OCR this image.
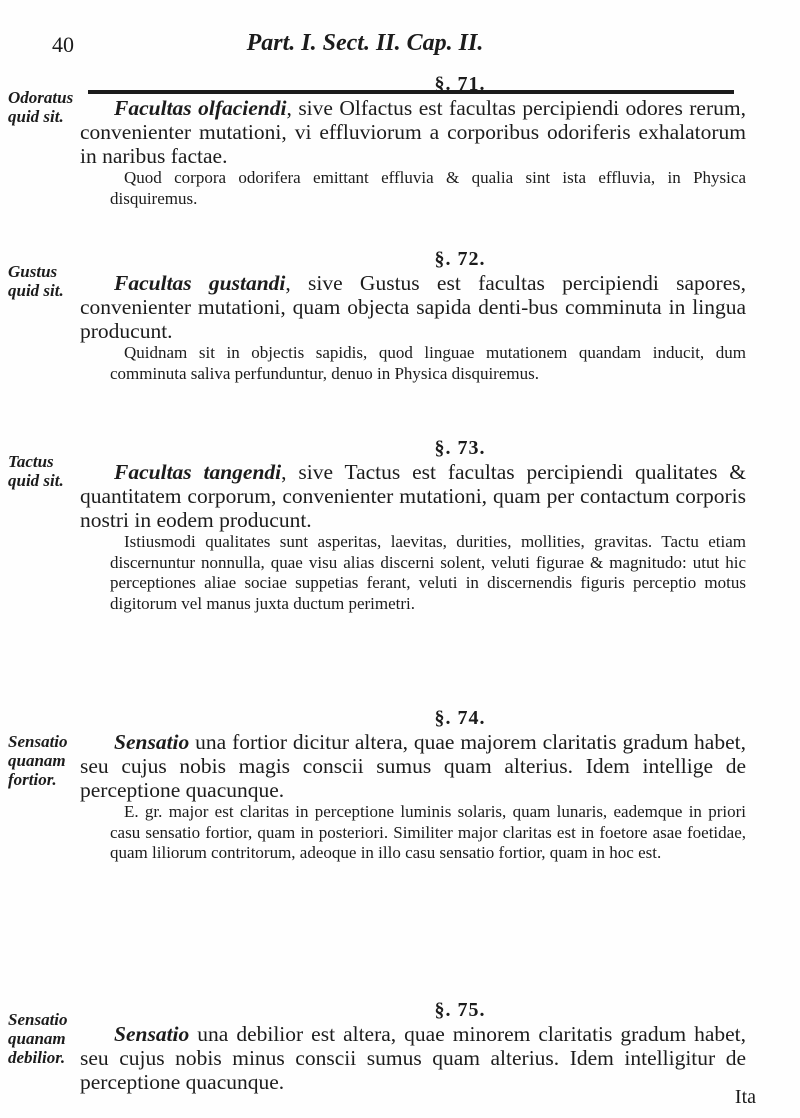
40	Part. I. Sect. II. Cap. II.
Odoratus quid sit.
§. 71.
Facultas olfaciendi, sive Olfactus est facultas percipiendi odores rerum, convenienter mutationi, vi effluviorum a corporibus odoriferis exhalatorum in naribus factae.
Quod corpora odorifera emittant effluvia & qualia sint ista effluvia, in Physica disquiremus.
Gustus quid sit.
§. 72.
Facultas gustandi, sive Gustus est facultas percipiendi sapores, convenienter mutationi, quam objecta sapida denti-bus comminuta in lingua producunt.
Quidnam sit in objectis sapidis, quod linguae mutationem quandam inducit, dum comminuta saliva perfunduntur, denuo in Physica disquiremus.
Tactus quid sit.
§. 73.
Facultas tangendi, sive Tactus est facultas percipiendi qualitates & quantitatem corporum, convenienter mutationi, quam per contactum corporis nostri in eodem producunt.
Istiusmodi qualitates sunt asperitas, laevitas, durities, mollities, gravitas. Tactu etiam discernuntur nonnulla, quae visu alias discerni solent, veluti figurae & magnitudo: utut hic perceptiones aliae sociae suppetias ferant, veluti in discernendis figuris perceptio motus digitorum vel manus juxta ductum perimetri.
Sensatio quanam fortior.
§. 74.
Sensatio una fortior dicitur altera, quae majorem claritatis gradum habet, seu cujus nobis magis conscii sumus quam alterius. Idem intellige de perceptione quacunque.
E. gr. major est claritas in perceptione luminis solaris, quam lunaris, eademque in priori casu sensatio fortior, quam in posteriori. Similiter major claritas est in foetore asae foetidae, quam liliorum contritorum, adeoque in illo casu sensatio fortior, quam in hoc est.
Sensatio quanam debilior.
§. 75.
Sensatio una debilior est altera, quae minorem claritatis gradum habet, seu cujus nobis minus conscii sumus quam alterius. Idem intelligitur de perceptione quacunque.
Ita
